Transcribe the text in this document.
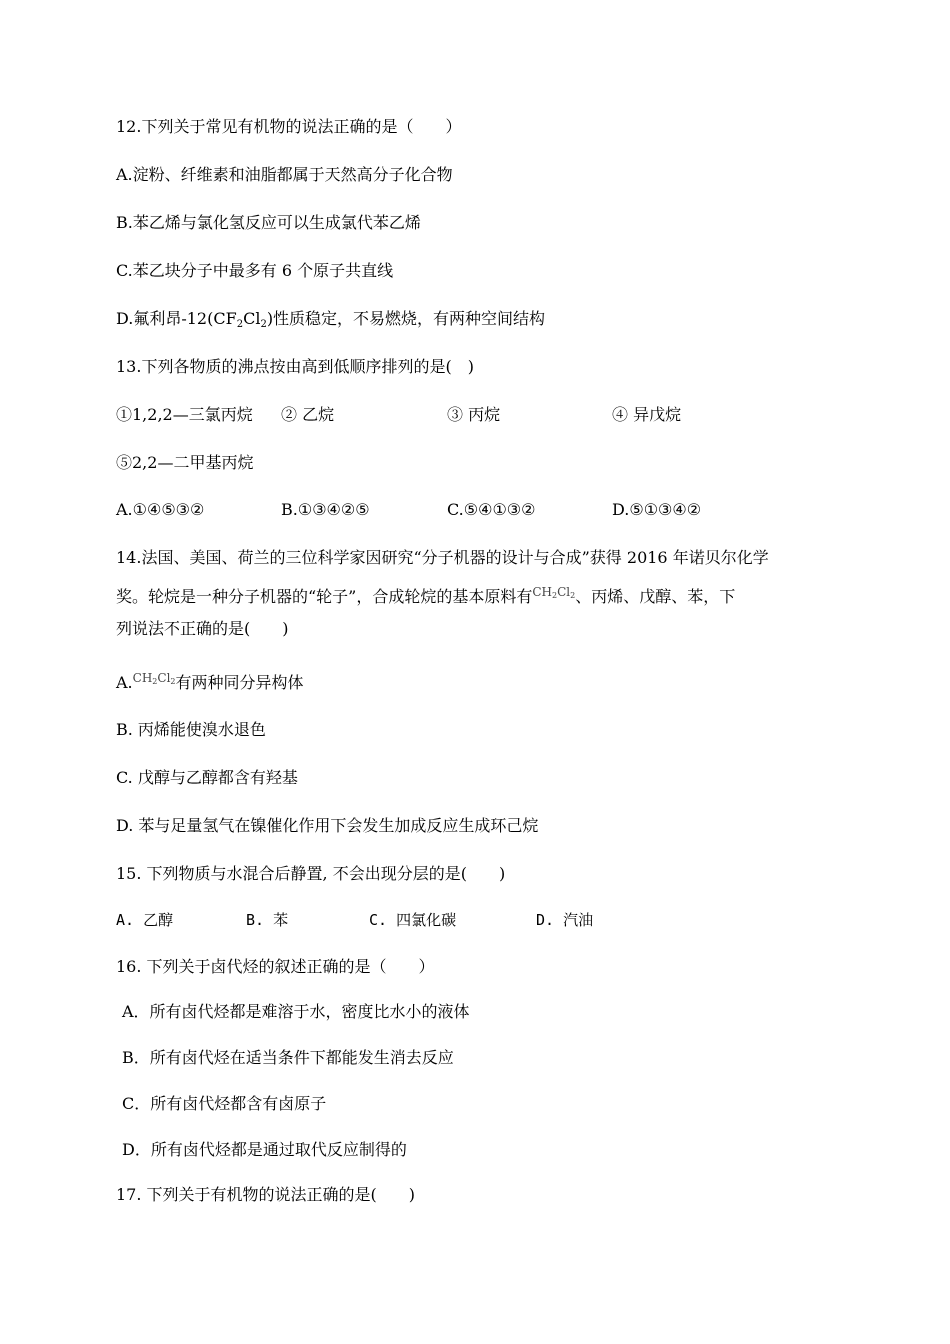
12.下列关于常见有机物的说法正确的是（　　）
A.淀粉、纤维素和油脂都属于天然高分子化合物
B.苯乙烯与氯化氢反应可以生成氯代苯乙烯
C.苯乙块分子中最多有 6 个原子共直线
D.氟利昂$-12(CF_2Cl_2)$性质稳定，不易燃烧，有两种空间结构
13.下列各物质的沸点按由高到低顺序排列的是(　)
①1,2,2—三氯丙烷 ② 乙烷	③ 丙烷	④ 异戊烷
⑤2,2—二甲基丙烷
A.①④⑤③②	B.①③④②⑤	C.⑤④①③②	D.⑤①③④②
14.法国、美国、荷兰的三位科学家因研究“分子机器的设计与合成”获得 2016 年诺贝尔化学
奖。轮烷是一种分子机器的“轮子”，合成轮烷的基本原料有$^{CH_2Cl_2}$、丙烯、戊醇、苯，下
列说法不正确的是(　　)
A.$^{CH_2Cl_2}$有两种同分异构体
B. 丙烯能使溴水退色
C. 戊醇与乙醇都含有羟基
D. 苯与足量氢气在镍催化作用下会发生加成反应生成环己烷
15. 下列物质与水混合后静置, 不会出现分层的是(　　)
A. 乙醇	B. 苯	C. 四氯化碳	D. 汽油
16. 下列关于卤代烃的叙述正确的是（　　）
A．所有卤代烃都是难溶于水，密度比水小的液体
B．所有卤代烃在适当条件下都能发生消去反应
C．所有卤代烃都含有卤原子
D．所有卤代烃都是通过取代反应制得的
17. 下列关于有机物的说法正确的是(　　)
